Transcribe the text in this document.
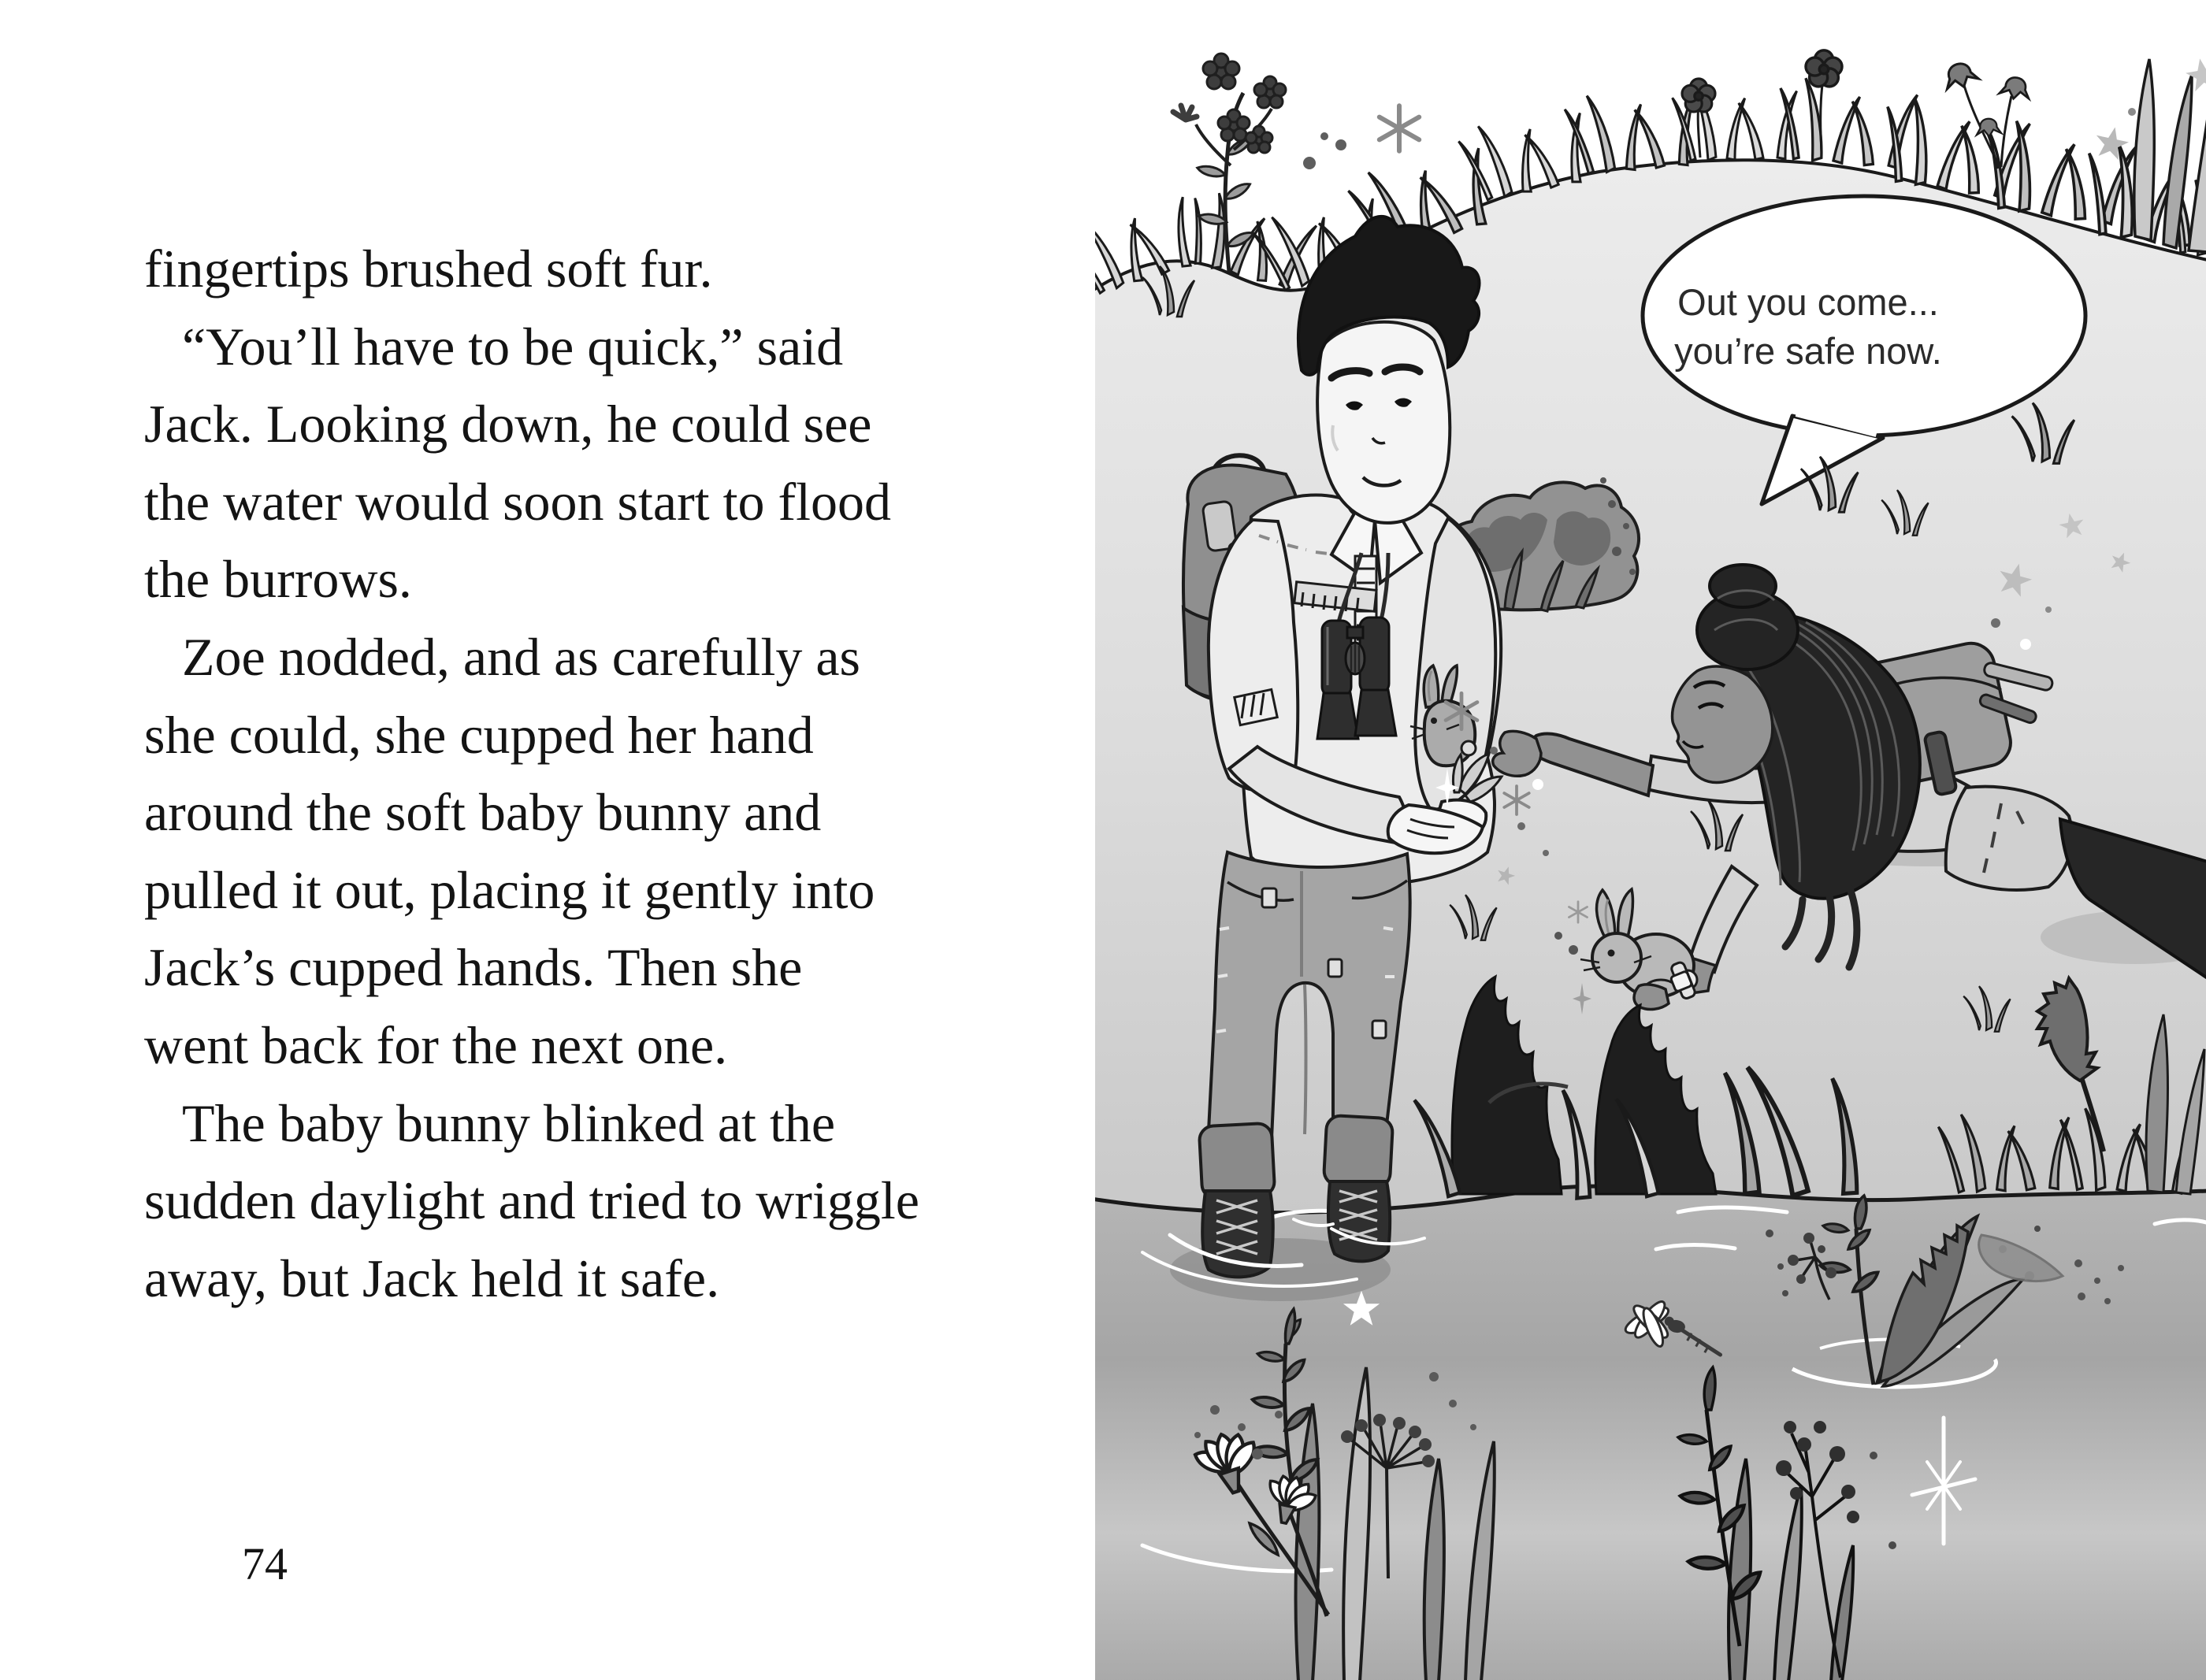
fingertips brushed soft fur.
“You’ll have to be quick,” said
Jack. Looking down, he could see
the water would soon start to flood
the burrows.
Zoe nodded, and as carefully as
she could, she cupped her hand
around the soft baby bunny and
pulled it out, placing it gently into
Jack’s cupped hands. Then she
went back for the next one.
The baby bunny blinked at the
sudden daylight and tried to wriggle
away, but Jack held it safe.
74
Out you come...
you’re safe now.
